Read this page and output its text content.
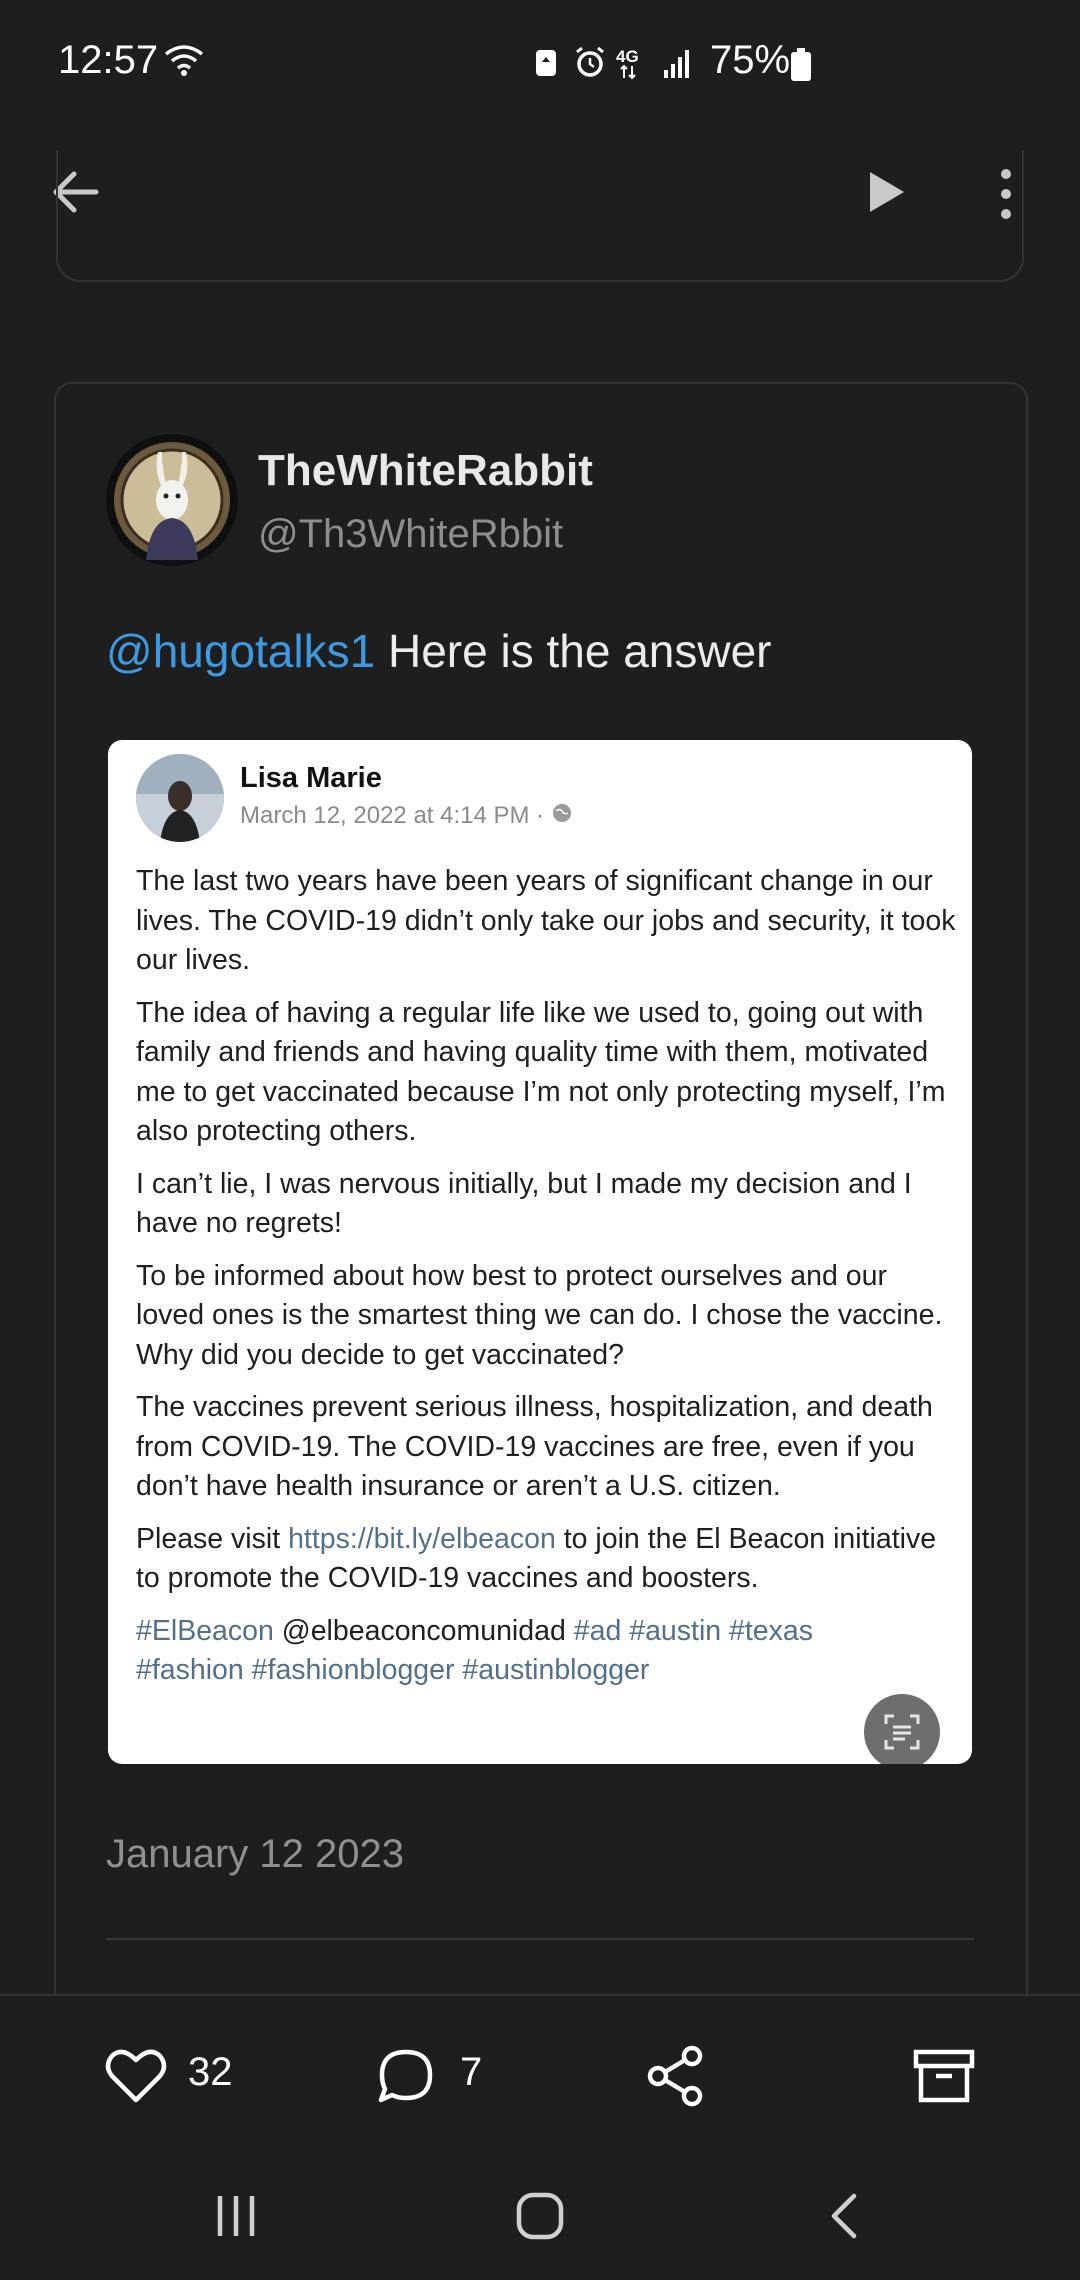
12:57	4G 75%
TheWhiteRabbit
@Th3WhiteRbbit
@hugotalks1 Here is the answer
Lisa Marie
March 12, 2022 at 4:14 PM ·

The last two years have been years of significant change in our lives. The COVID-19 didn’t only take our jobs and security, it took our lives.

The idea of having a regular life like we used to, going out with family and friends and having quality time with them, motivated me to get vaccinated because I’m not only protecting myself, I’m also protecting others.

I can’t lie, I was nervous initially, but I made my decision and I have no regrets!

To be informed about how best to protect ourselves and our loved ones is the smartest thing we can do. I chose the vaccine. Why did you decide to get vaccinated?

The vaccines prevent serious illness, hospitalization, and death from COVID-19. The COVID-19 vaccines are free, even if you don’t have health insurance or aren’t a U.S. citizen.

Please visit https://bit.ly/elbeacon to join the El Beacon initiative to promote the COVID-19 vaccines and boosters.

#ElBeacon @elbeaconcomunidad #ad #austin #texas
#fashion #fashionblogger #austinblogger

January 12 2023
32	7
